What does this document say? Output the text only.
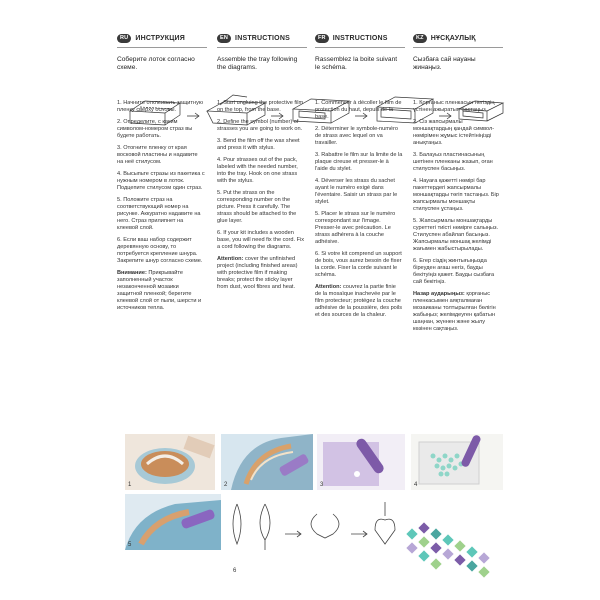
RU	ИНСТРУКЦИЯ	EN	INSTRUCTIONS	FR	INSTRUCTIONS	KZ	НҰСҚАУЛЫҚ
Соберите лоток согласно схеме.
1. Начните отклеивать защитную пленку сверху основы.
2. Определите, с каким символом-номером страз вы будете работать.
3. Отогните пленку от края восковой пластины и надавите на неё стилусом.
4. Высыпьте стразы из пакетика с нужным номером в лоток. Подцепите стилусом один страз.
5. Положите страз на соответствующий номер на рисунке. Аккуратно надавите на него. Страз прилипнет на клеевой слой.
6. Если ваш набор содержит деревянную основу, то потребуется крепление шнура. Закрепите шнур согласно схеме.
Внимание: Прикрывайте заполненный участок незаконченной мозаики защитной пленкой; берегите клеевой слой от пыли, шерсти и источников тепла.
Assemble the tray following the diagrams.
1. Start ungluing the protective film on the top, from the base.
2. Define the symbol (number) of strasses you are going to work on.
3. Bend the film off the wax sheet and press it with stylus.
4. Pour strasses out of the pack, labeled with the needed number, into the tray. Hook on one strass with the stylus.
5. Put the strass on the corresponding number on the picture. Press it carefully. The strass should be attached to the glue layer.
6. If your kit includes a wooden base, you will need fix the cord. Fix a cord following the diagrams.
Attention: cover the unfinished project (including finished areas) with protective film if making breaks; protect the sticky layer from dust, wool fibres and heat.
Rassemblez la boite suivant le schéma.
1. Commencer à décoller le film de protection du haut, depuis de la base.
2. Déterminer le symbole-numéro de strass avec lequel on va travailler.
3. Rabattre le film sur la limite de la plaque cireuse et presser-le à l'aide du stylet.
4. Déverser les strass du sachet ayant le numéro exigé dans l'éventaire. Saisir un strass par le stylet.
5. Placer le strass sur le numéro correspondant sur l'image. Presser-le avec précaution. Le strass adhérera à la couche adhésive.
6. Si votre kit comprend un support de bois, vous aurez besoin de fixer la corde. Fixer la corde suivant le schéma.
Attention: couvrez la partie finie de la mosaïque inachevée par le film protecteur; protégez la couche adhésive de la poussière, des poils et des sources de la chaleur.
Сызбаға сай науаны жинаңыз.
1. Қорғаныс пленкасын негіздің үстінен ажыратып бастаңыз.
2. Сіз жапсырмалы моншақтардың қандай символ-нөмірімен жұмыс істейтініңізді анықтаңыз.
3. Балауыз пластинасының шетінен пленканы жазып, оған стилуспен басыңыз.
4. Науаға қажетті нөмірі бар пакеттердегі жапсырмалы моншақтарды төгіп тастаңыз. Бір жапсырмалы моншақты стилуспен ұстаңыз.
5. Жапсырмалы моншақтарды суреттегі тиісті нөмірге салыңыз. Стилуспен абайлап басыңыз. Жапсырмалы моншақ желімді жағымен жабыстырылады.
6. Егер сіздің жинтығыңызда біреуден ағаш негіз, бауды бекітуіңіз қажет. Бауды сызбаға сай бекітіңіз.
Назар аударыңыз: қорғаныс пленкасымен аяқталмаған мозаиканы толтырылған бөлігін жабыңыз; желімдеуген қабатын шаңнан, жүннен және жылу көзінен сақтаңыз.
1	2	3	4
5
6
